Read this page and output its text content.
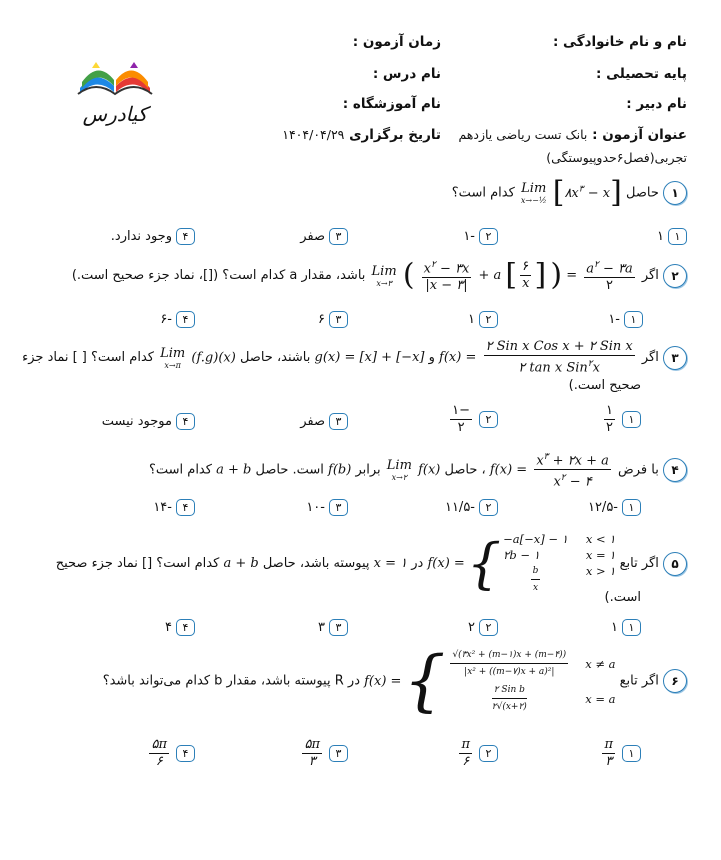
کیادرس
نام و نام خانوادگی :
پایه تحصیلی :
نام دبیر :
زمان آزمون :
نام درس :
نام آموزشگاه :
عنوان آزمون : بانک تست ریاضی یازدهم
تجربی(فصل۶حدوپیوستگی)
تاریخ برگزاری ۱۴۰۴/۰۴/۲۹
۱ حاصل
Lim
x→−½ $[۸x^۳ - x]$ کدام است؟
۱۱
۲-۱
۳صفر
۴وجود ندارد.
۲ اگر
Lim
x→۳ ( $\frac{x^۲ - ۳x}{|x - ۳|} + a$ [ $\frac{۶}{x}$ ] ) = $\frac{a^۲ - ۳a}{۲}$
باشد، مقدار a کدام است؟ ([]، نماد جزء صحیح است.)
۱-۱
۲۱
۳۶
۴-۶
۳ اگر $f(x) = \frac{\text{۲ Sin x Cos x + ۲ Sin x}}{۲ \tan x Sin^۲x}$
و g(x) = [x] + [−x] باشند، حاصل
Lim
x→π (f.g)(x) کدام است؟ [ ] نماد جزء
صحیح است.)
۱
$\frac{۱}{۲}$
۲
$\frac{-۱}{۲}$
۳صفر
۴موجود نیست
۴ با فرض $f(x) = \frac{x^۳ + ۲x + a}{x^۲ - ۴}$
، حاصل
Lim
x→۲ f(x) برابر f(b) است. حاصل a + b کدام است؟
۱-۱۲/۵
۲-۱۱/۵
۳-۱۰
۴-۱۴
۵ اگر تابع f(x) = { −a[−x] − ۱ x < ۱
۲b − ۱	x = ۱
$\frac{b}{x}$ x > ۱
در x = ۱ پیوسته باشد، حاصل a + b کدام است؟ [] نماد جزء صحیح
است.)
۱۱
۲۲
۳۳
۴۴
۶ اگر تابع f(x) = { $\frac{\text{√(۳x² + (m−۱)x + (m−۴))}}{\text{|x² + ((m−۷)x + a)²|}}$ x ≠ a
$\frac{\text{۲ Sin b}}{۲√(x+۲)}$ x = a
در R پیوسته باشد، مقدار b کدام می‌تواند باشد؟
۱
$\frac{\pi}{۳}$
۲
$\frac{\pi}{۶}$
۳
$\frac{۵\pi}{۳}$
۴
$\frac{۵\pi}{۶}$
